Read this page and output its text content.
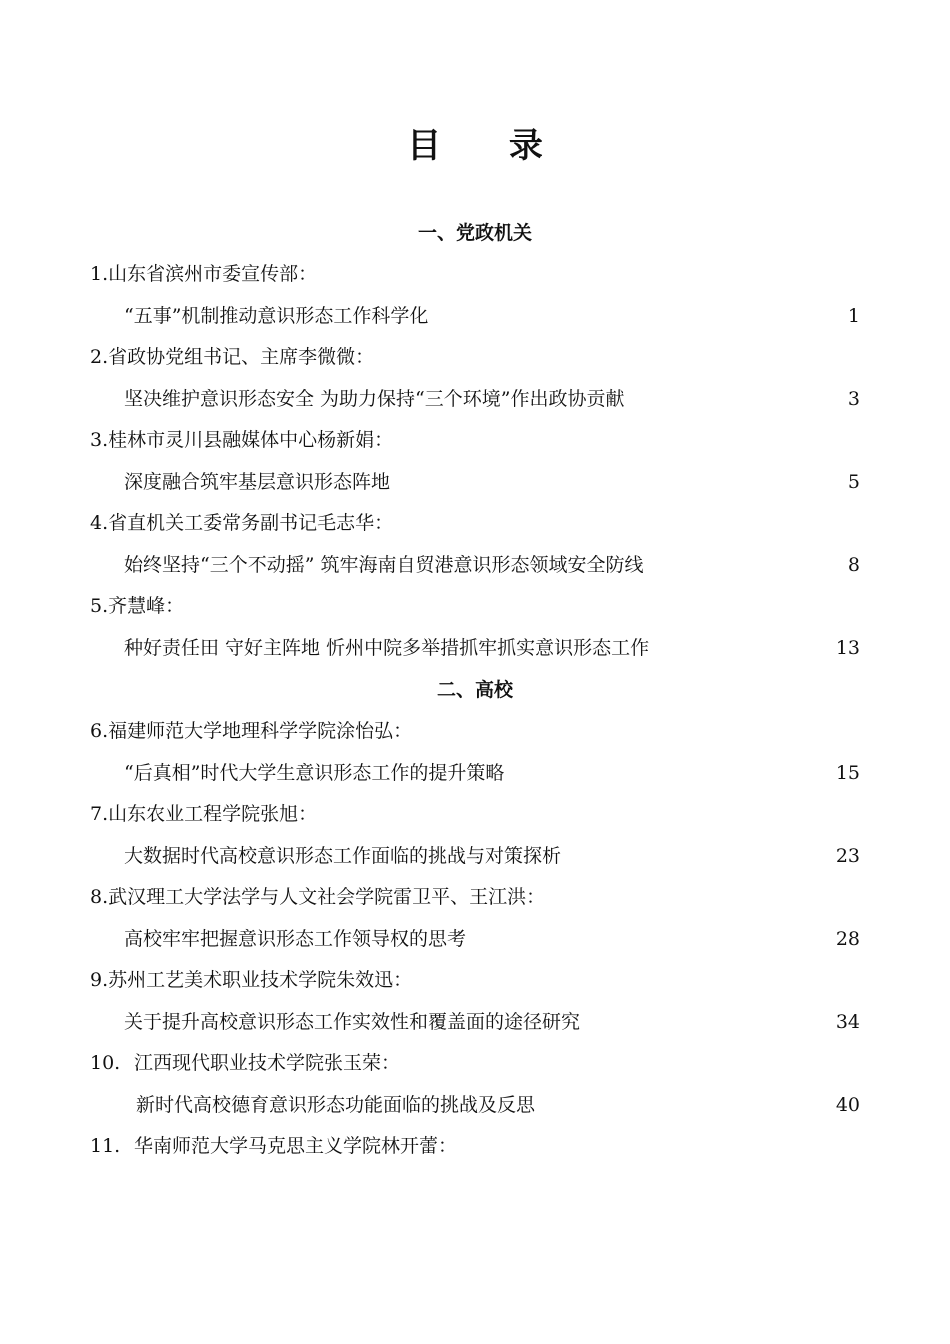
目 录
一、党政机关
1.山东省滨州市委宣传部：
“五事”机制推动意识形态工作科学化	1
2.省政协党组书记、主席李微微：
坚决维护意识形态安全 为助力保持“三个环境”作出政协贡献	3
3.桂林市灵川县融媒体中心杨新娟：
深度融合筑牢基层意识形态阵地	5
4.省直机关工委常务副书记毛志华：
始终坚持“三个不动摇” 筑牢海南自贸港意识形态领域安全防线	8
5.齐慧峰：
种好责任田 守好主阵地 忻州中院多举措抓牢抓实意识形态工作	13
二、高校
6.福建师范大学地理科学学院涂怡弘：
“后真相”时代大学生意识形态工作的提升策略	15
7.山东农业工程学院张旭：
大数据时代高校意识形态工作面临的挑战与对策探析	23
8.武汉理工大学法学与人文社会学院雷卫平、王江洪：
高校牢牢把握意识形态工作领导权的思考	28
9.苏州工艺美术职业技术学院朱效迅：
关于提升高校意识形态工作实效性和覆盖面的途径研究	34
10. 江西现代职业技术学院张玉荣：
新时代高校德育意识形态功能面临的挑战及反思	40
11. 华南师范大学马克思主义学院林开蕾：
